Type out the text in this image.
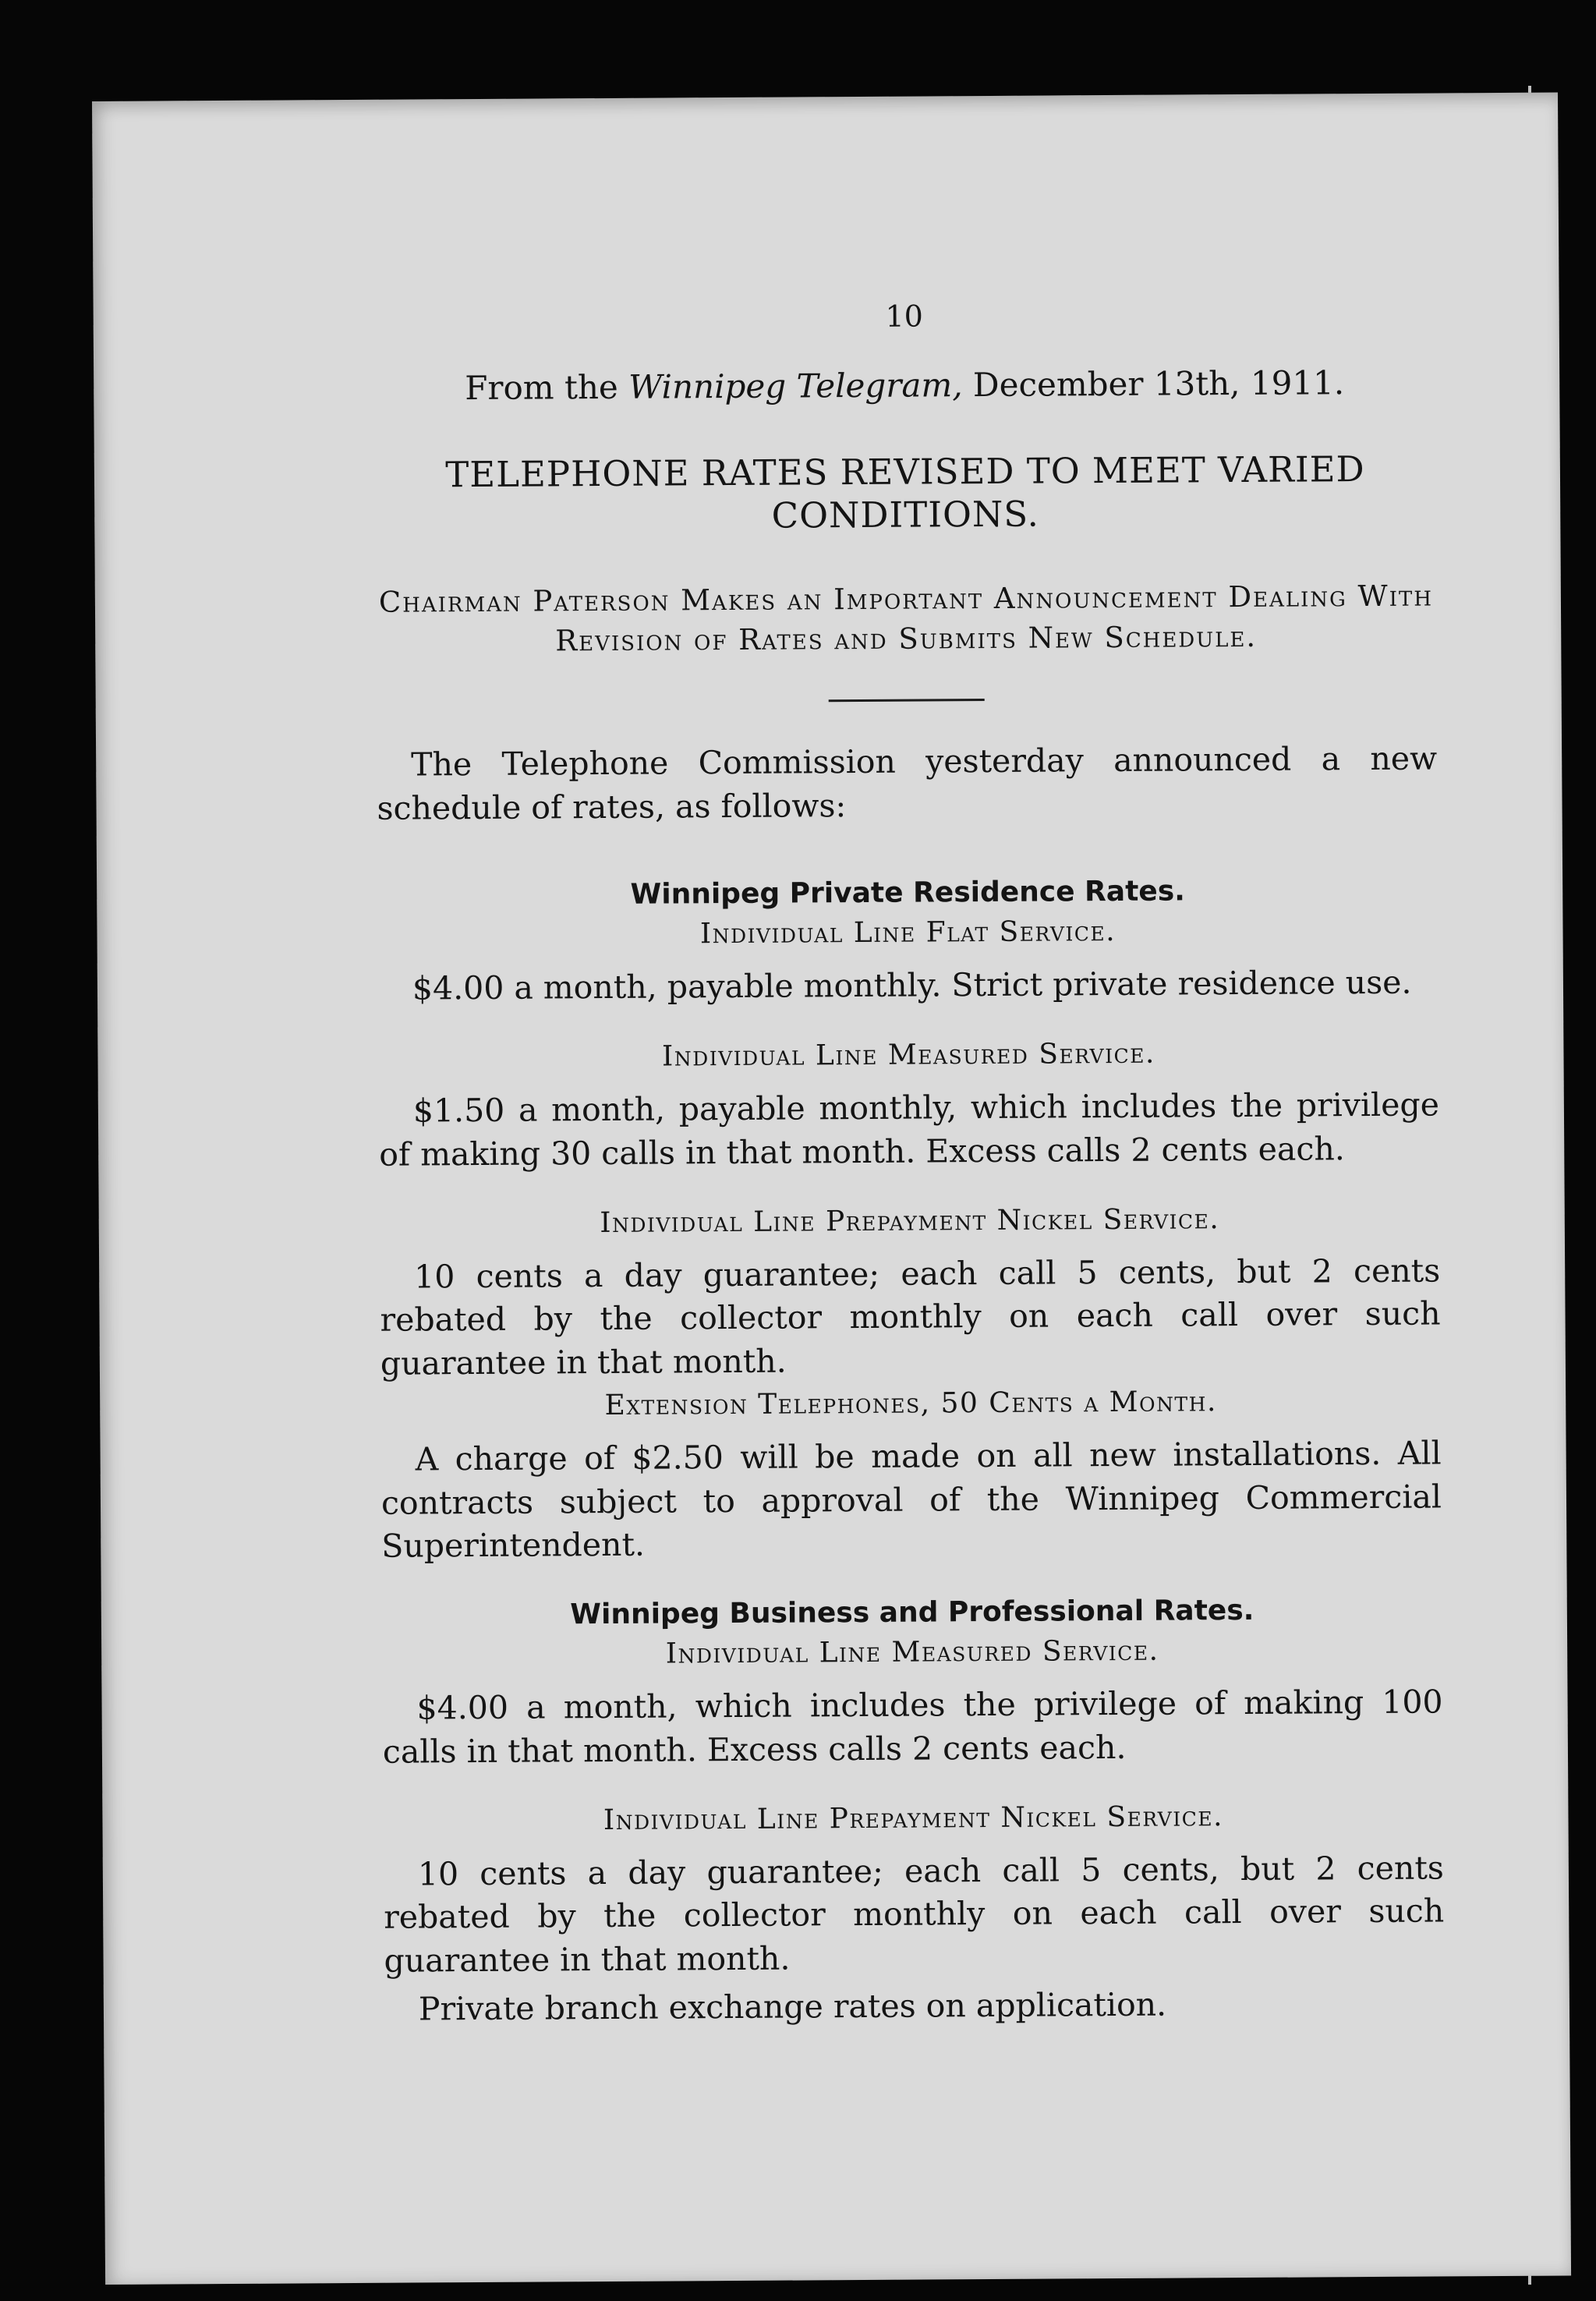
10
From the Winnipeg Telegram, December 13th, 1911.
TELEPHONE RATES REVISED TO MEET VARIED CONDITIONS.
Chairman Paterson Makes an Important Announcement Dealing With Revision of Rates and Submits New Schedule.

The Telephone Commission yesterday announced a new schedule of rates, as follows:

Winnipeg Private Residence Rates.
Individual Line Flat Service.

$4.00 a month, payable monthly. Strict private residence use.

Individual Line Measured Service.

$1.50 a month, payable monthly, which includes the privilege of making 30 calls in that month. Excess calls 2 cents each.

Individual Line Prepayment Nickel Service.

10 cents a day guarantee; each call 5 cents, but 2 cents rebated by the collector monthly on each call over such guarantee in that month.

Extension Telephones, 50 Cents a Month.

A charge of $2.50 will be made on all new installations. All contracts subject to approval of the Winnipeg Commercial Superintendent.

Winnipeg Business and Professional Rates.
Individual Line Measured Service.

$4.00 a month, which includes the privilege of making 100 calls in that month. Excess calls 2 cents each.

Individual Line Prepayment Nickel Service.

10 cents a day guarantee; each call 5 cents, but 2 cents rebated by the collector monthly on each call over such guarantee in that month.

Private branch exchange rates on application.
